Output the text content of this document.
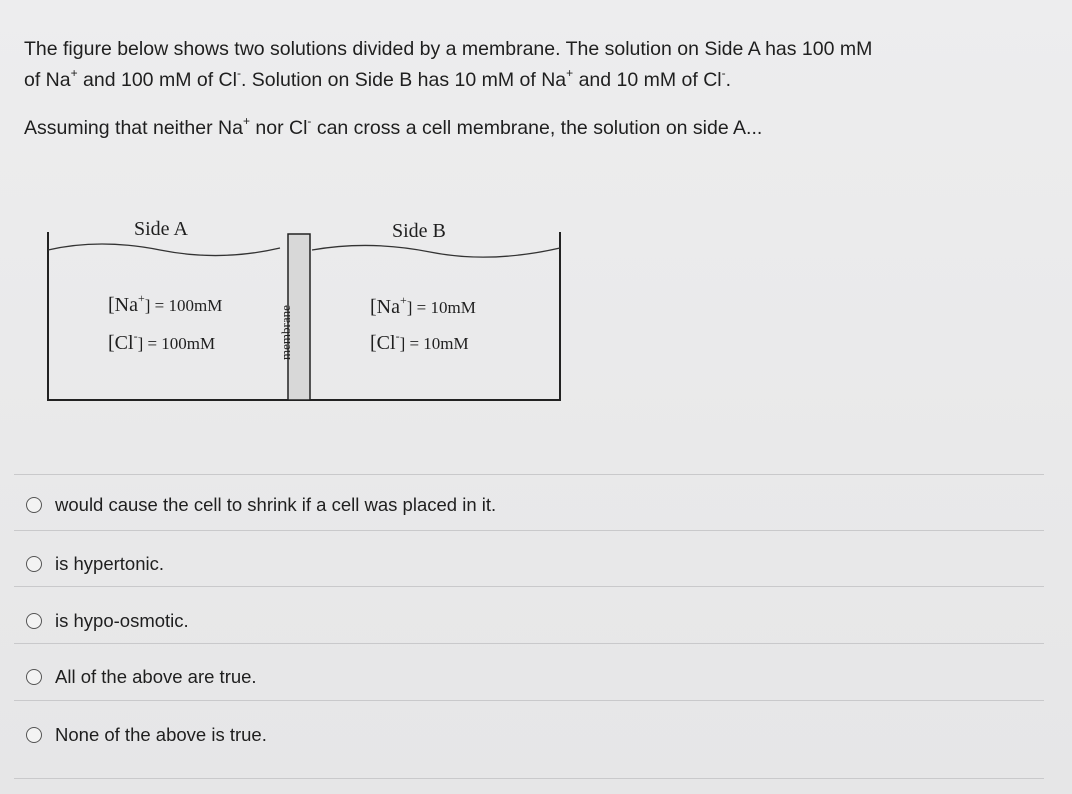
The figure below shows two solutions divided by a membrane. The solution on Side A has 100 mM

of Na+ and 100 mM of Cl-. Solution on Side B has 10 mM of Na+ and 10 mM of Cl-.

Assuming that neither Na+ nor Cl- can cross a cell membrane, the solution on side A...
Side A	Side B
[Na+] = 100mM
[Cl-] = 100mM
[Na+] = 10mM
[Cl-] = 10mM
membrane
would cause the cell to shrink if a cell was placed in it.
is hypertonic.
is hypo-osmotic.
All of the above are true.
None of the above is true.
